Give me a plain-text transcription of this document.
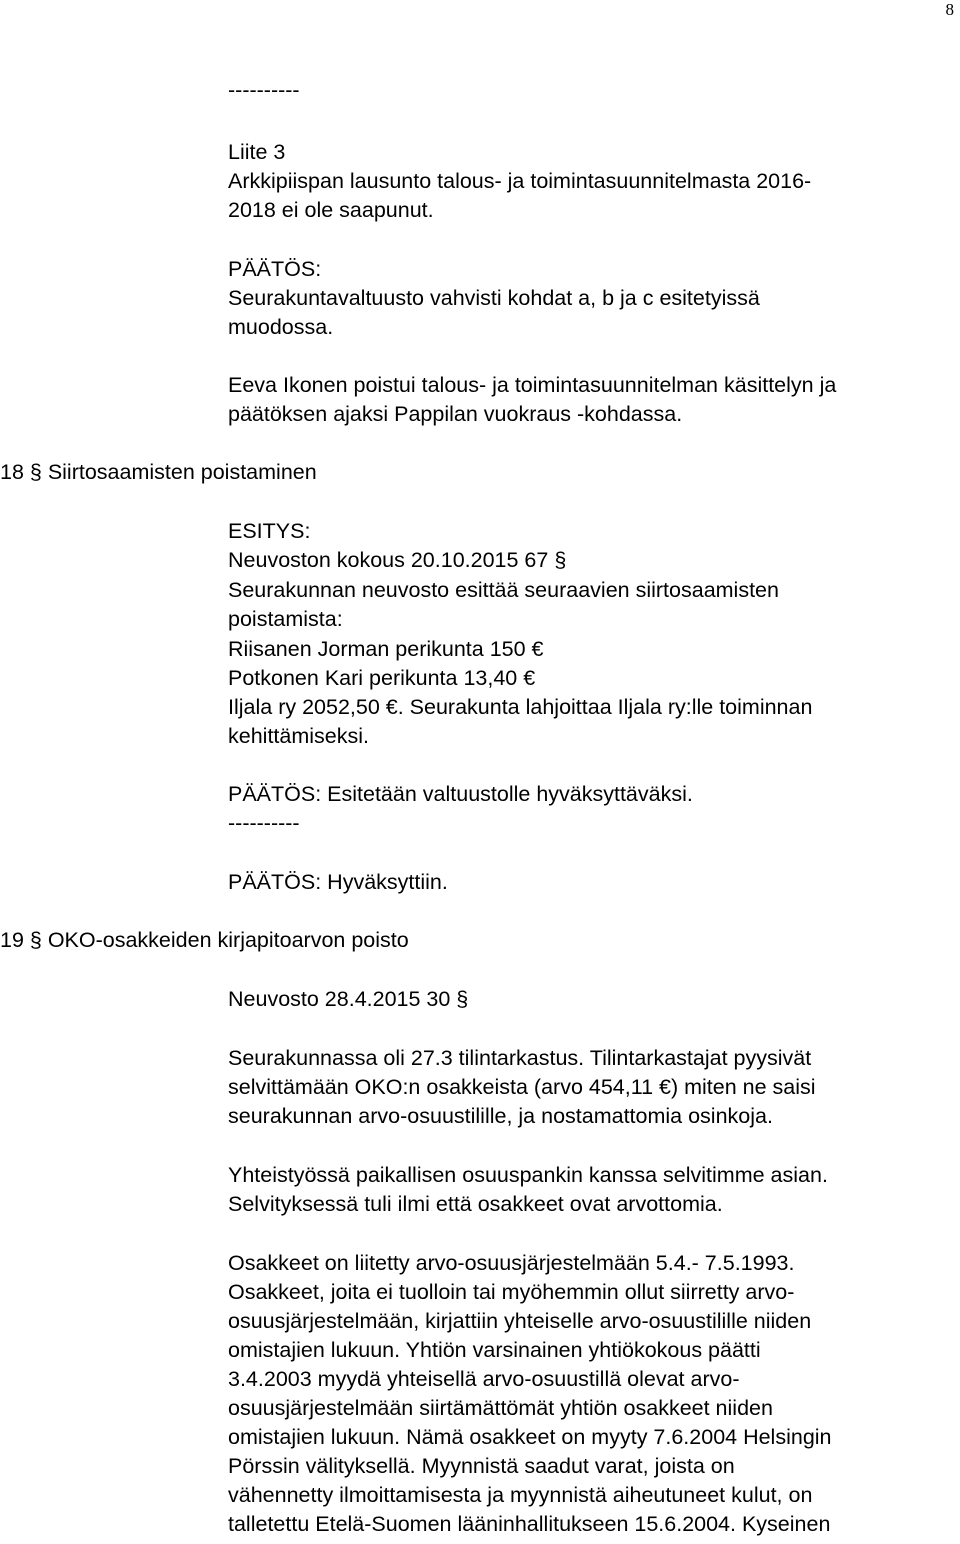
8
----------
Liite 3
Arkkipiispan lausunto talous- ja toimintasuunnitelmasta 2016-
2018 ei ole saapunut.
PÄÄTÖS:
Seurakuntavaltuusto vahvisti kohdat a, b ja c esitetyissä
muodossa.
Eeva Ikonen poistui talous- ja toimintasuunnitelman käsittelyn ja
päätöksen ajaksi Pappilan vuokraus -kohdassa.
18 § Siirtosaamisten poistaminen
ESITYS:
Neuvoston kokous 20.10.2015 67 §
Seurakunnan neuvosto esittää seuraavien siirtosaamisten
poistamista:
Riisanen Jorman perikunta 150 €
Potkonen Kari perikunta 13,40 €
Iljala ry 2052,50 €. Seurakunta lahjoittaa Iljala ry:lle toiminnan
kehittämiseksi.
PÄÄTÖS: Esitetään valtuustolle hyväksyttäväksi.
----------
PÄÄTÖS: Hyväksyttiin.
19 § OKO-osakkeiden kirjapitoarvon poisto
Neuvosto 28.4.2015 30 §
Seurakunnassa oli 27.3 tilintarkastus. Tilintarkastajat pyysivät
selvittämään OKO:n osakkeista (arvo 454,11 €) miten ne saisi
seurakunnan arvo-osuustilille, ja nostamattomia osinkoja.
Yhteistyössä paikallisen osuuspankin kanssa selvitimme asian.
Selvityksessä tuli ilmi että osakkeet ovat arvottomia.
Osakkeet on liitetty arvo-osuusjärjestelmään 5.4.- 7.5.1993.
Osakkeet, joita ei tuolloin tai myöhemmin ollut siirretty arvo-
osuusjärjestelmään, kirjattiin yhteiselle arvo-osuustilille niiden
omistajien lukuun. Yhtiön varsinainen yhtiökokous päätti
3.4.2003 myydä yhteisellä arvo-osuustillä olevat arvo-
osuusjärjestelmään siirtämättömät yhtiön osakkeet niiden
omistajien lukuun. Nämä osakkeet on myyty 7.6.2004 Helsingin
Pörssin välityksellä. Myynnistä saadut varat, joista on
vähennetty ilmoittamisesta ja myynnistä aiheutuneet kulut, on
talletettu Etelä-Suomen lääninhallitukseen 15.6.2004. Kyseinen
